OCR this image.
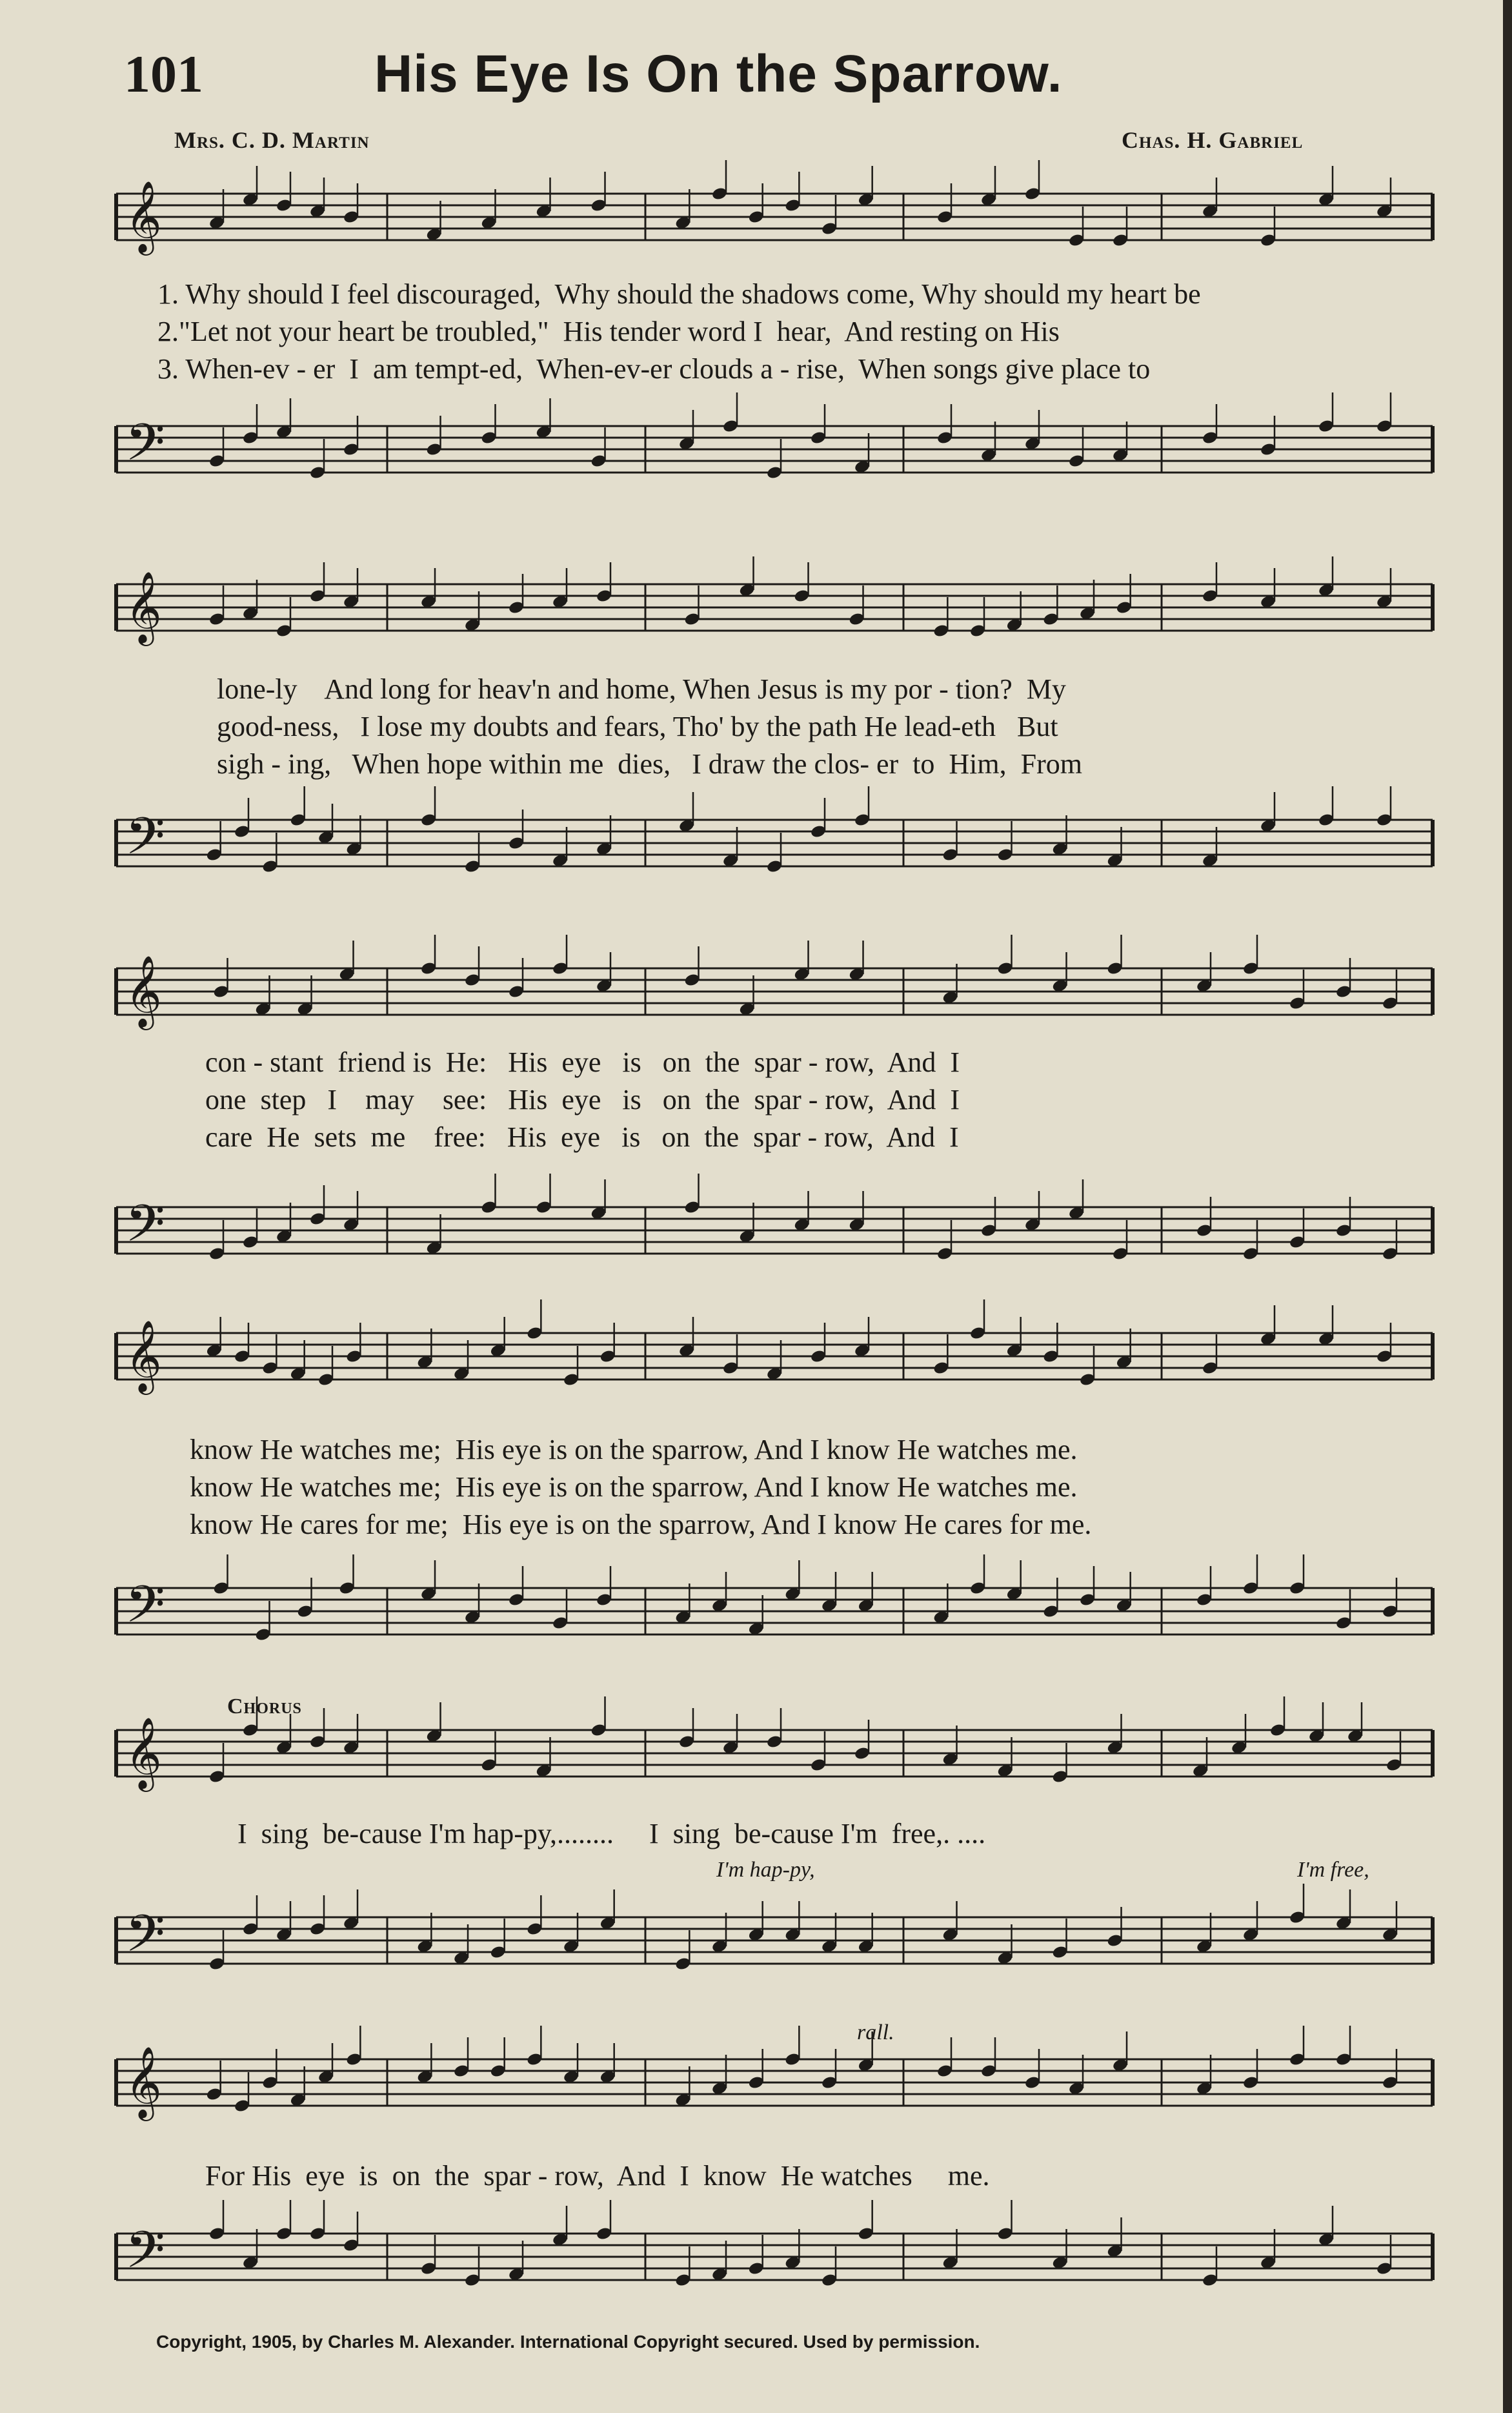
101	His Eye Is On the Sparrow.
Mrs. C. D. Martin	Chas. H. Gabriel
𝄞
1. Why should I feel discouraged,  Why should the shadows come, Why should my heart be
2."Let not your heart be troubled,"  His tender word I  hear,  And resting on His
3. When-ev - er  I  am tempt-ed,  When-ev-er clouds a - rise,  When songs give place to
𝄢
𝄞
lone-ly    And long for heav'n and home, When Jesus is my por - tion?  My
good-ness,   I lose my doubts and fears, Tho' by the path He lead-eth   But
sigh - ing,   When hope within me  dies,   I draw the clos- er  to  Him,  From
𝄢
𝄞
con - stant  friend is  He:   His  eye   is   on  the  spar - row,  And  I
one  step   I    may    see:   His  eye   is   on  the  spar - row,  And  I
care  He  sets  me    free:   His  eye   is   on  the  spar - row,  And  I
𝄢
𝄞
know He watches me;  His eye is on the sparrow, And I know He watches me.
know He watches me;  His eye is on the sparrow, And I know He watches me.
know He cares for me;  His eye is on the sparrow, And I know He cares for me.
𝄢
Chorus
𝄞
I  sing  be-cause I'm hap-py,........     I  sing  be-cause I'm  free,. ....
I'm hap-py,	I'm free,
𝄢
rall.
𝄞
For His  eye  is  on  the  spar - row,  And  I  know  He watches     me.
𝄢
Copyright, 1905, by Charles M. Alexander. International Copyright secured. Used by permission.
